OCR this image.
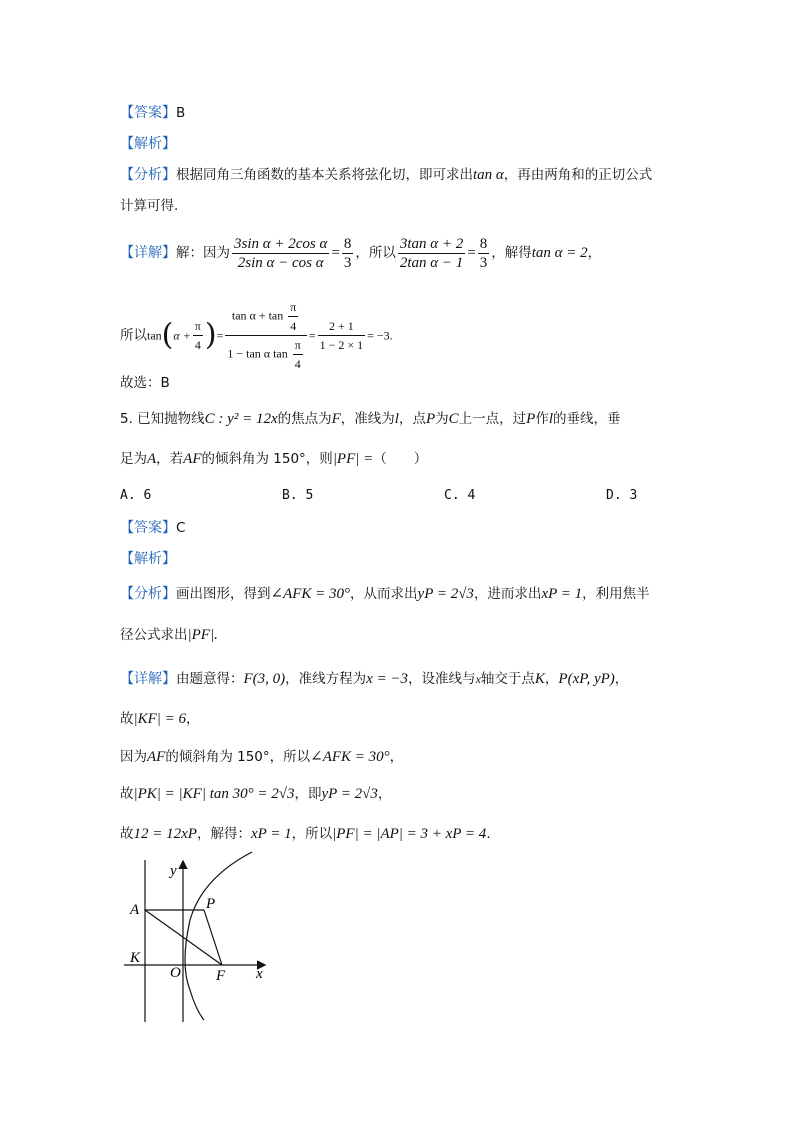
【答案】B
【解析】
【分析】根据同角三角函数的基本关系将弦化切，即可求出tan α，再由两角和的正切公式
计算可得.
【详解】解：因为 $\frac{\text{3sin α + 2cos α}}{\text{2sin α − cos α}} = \frac{8}{3}$ ，所以 $\frac{\text{3tan α + 2}}{\text{2tan α − 1}} = \frac{8}{3}$ ，解得tan α = 2，
所以$\tan(\alpha + \frac{\pi}{4}$ )= $\frac{\tan \alpha + \tan \frac{\pi}{4}}{1 - \tan \alpha \tan \frac{\pi}{4}} = \frac{2 + 1}{1 - 2 \times 1} = -3$.
故选：B
5. 已知抛物线C : y² = 12x的焦点为F，准线为l，点P为C上一点，过P作l的垂线，垂
足为A，若AF的倾斜角为 150°，则|PF| =（　　）
A. 6	B. 5	C. 4	D. 3
【答案】C
【解析】
【分析】画出图形，得到∠AFK = 30°，从而求出yP = 2√3，进而求出xP = 1，利用焦半
径公式求出|PF|.
【详解】由题意得：F(3, 0)，准线方程为x = −3，设准线与x轴交于点K，P(xP, yP)，
故|KF| = 6，
因为AF的倾斜角为 150°，所以∠AFK = 30°，
故|PK| = |KF| tan 30° = 2√3，即yP = 2√3，
故12 = 12xP，解得：xP = 1，所以|PF| = |AP| = 3 + xP = 4.
y
x
A	P
K
O F
